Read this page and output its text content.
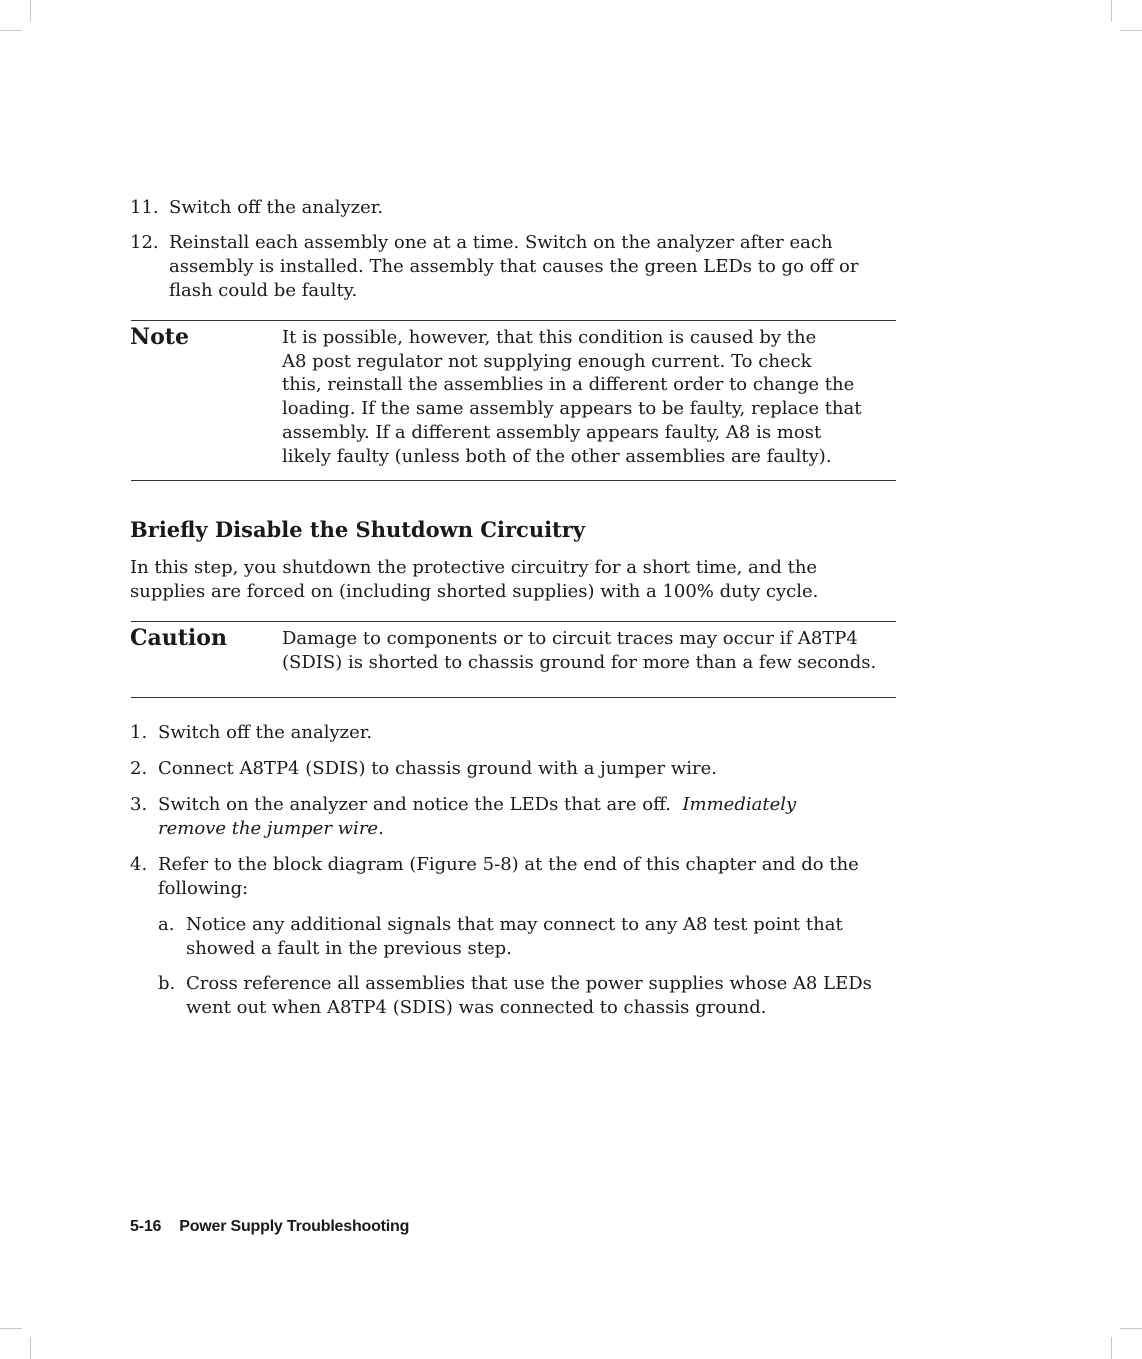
11. Switch off the analyzer.
12. Reinstall each assembly one at a time. Switch on the analyzer after each
assembly is installed. The assembly that causes the green LEDs to go off or
flash could be faulty.
Note	It is possible, however, that this condition is caused by the
A8 post regulator not supplying enough current. To check
this, reinstall the assemblies in a different order to change the
loading. If the same assembly appears to be faulty, replace that
assembly. If a different assembly appears faulty, A8 is most
likely faulty (unless both of the other assemblies are faulty).
Briefly Disable the Shutdown Circuitry
In this step, you shutdown the protective circuitry for a short time, and the
supplies are forced on (including shorted supplies) with a 100% duty cycle.
Caution	Damage to components or to circuit traces may occur if A8TP4
(SDIS) is shorted to chassis ground for more than a few seconds.
1. Switch off the analyzer.
2. Connect A8TP4 (SDIS) to chassis ground with a jumper wire.
3. Switch on the analyzer and notice the LEDs that are off. Immediately
remove the jumper wire.
4. Refer to the block diagram (Figure 5-8) at the end of this chapter and do the
following:
a. Notice any additional signals that may connect to any A8 test point that
showed a fault in the previous step.
b. Cross reference all assemblies that use the power supplies whose A8 LEDs
went out when A8TP4 (SDIS) was connected to chassis ground.
5-16 Power Supply Troubleshooting
